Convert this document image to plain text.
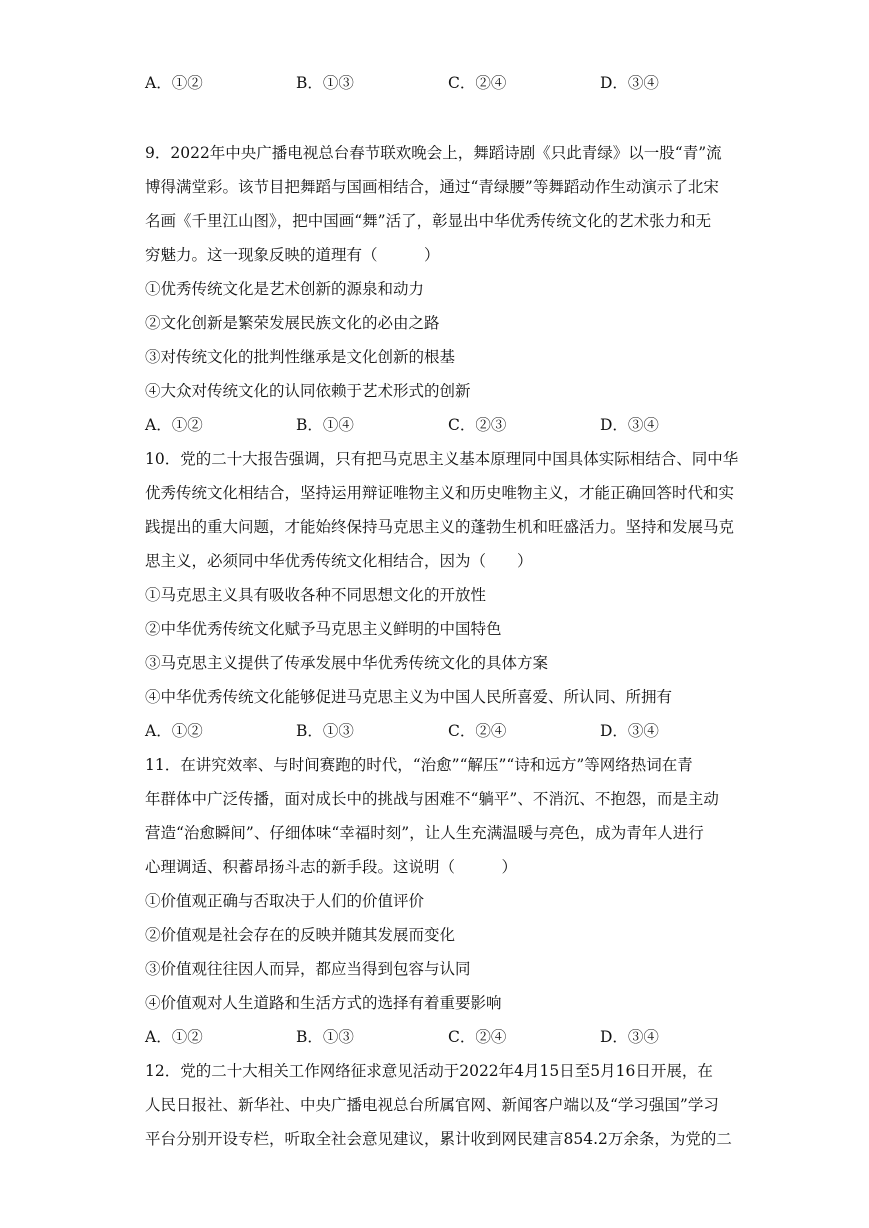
A．①②	B．①③	C．②④	D．③④
9．2022年中央广播电视总台春节联欢晚会上，舞蹈诗剧《只此青绿》以一股“青”流
博得满堂彩。该节目把舞蹈与国画相结合，通过“青绿腰”等舞蹈动作生动演示了北宋
名画《千里江山图》，把中国画“舞”活了，彰显出中华优秀传统文化的艺术张力和无
穷魅力。这一现象反映的道理有（　　　）
①优秀传统文化是艺术创新的源泉和动力
②文化创新是繁荣发展民族文化的必由之路
③对传统文化的批判性继承是文化创新的根基
④大众对传统文化的认同依赖于艺术形式的创新
A．①②	B．①④	C．②③	D．③④
10．党的二十大报告强调，只有把马克思主义基本原理同中国具体实际相结合、同中华
优秀传统文化相结合，坚持运用辩证唯物主义和历史唯物主义，才能正确回答时代和实
践提出的重大问题，才能始终保持马克思主义的蓬勃生机和旺盛活力。坚持和发展马克
思主义，必须同中华优秀传统文化相结合，因为（　　）
①马克思主义具有吸收各种不同思想文化的开放性
②中华优秀传统文化赋予马克思主义鲜明的中国特色
③马克思主义提供了传承发展中华优秀传统文化的具体方案
④中华优秀传统文化能够促进马克思主义为中国人民所喜爱、所认同、所拥有
A．①②	B．①③	C．②④	D．③④
11．在讲究效率、与时间赛跑的时代，“治愈”“解压”“诗和远方”等网络热词在青
年群体中广泛传播，面对成长中的挑战与困难不“躺平”、不消沉、不抱怨，而是主动
营造“治愈瞬间”、仔细体味“幸福时刻”，让人生充满温暖与亮色，成为青年人进行
心理调适、积蓄昂扬斗志的新手段。这说明（　　　）
①价值观正确与否取决于人们的价值评价
②价值观是社会存在的反映并随其发展而变化
③价值观往往因人而异，都应当得到包容与认同
④价值观对人生道路和生活方式的选择有着重要影响
A．①②	B．①③	C．②④	D．③④
12．党的二十大相关工作网络征求意见活动于2022年4月15日至5月16日开展，在
人民日报社、新华社、中央广播电视总台所属官网、新闻客户端以及“学习强国”学习
平台分别开设专栏，听取全社会意见建议，累计收到网民建言854.2万余条，为党的二
